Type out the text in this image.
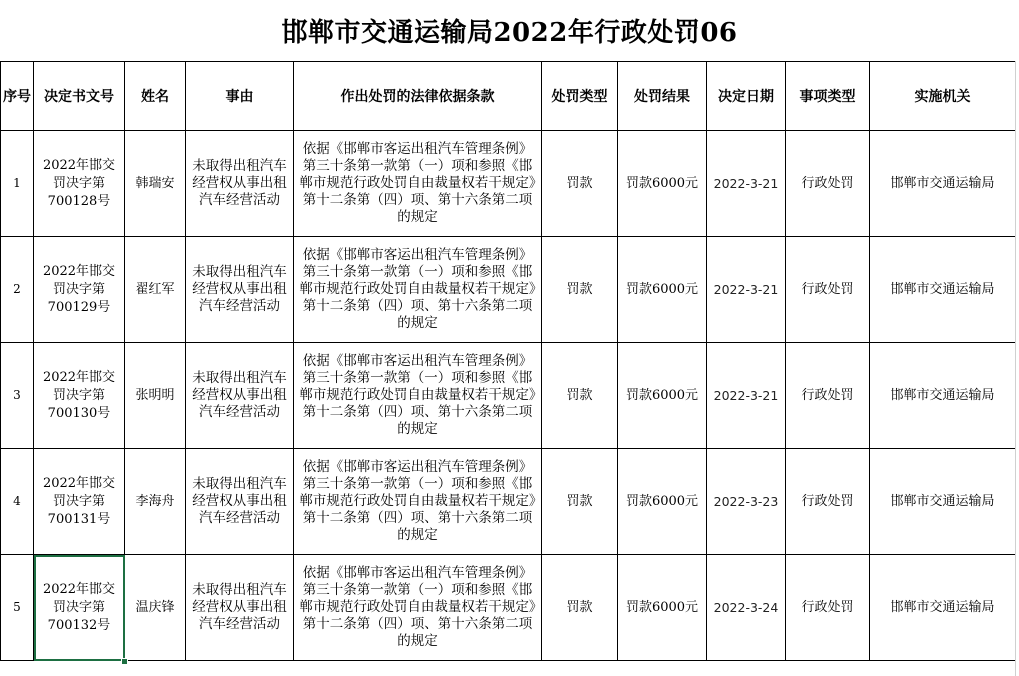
邯郸市交通运输局2022年行政处罚06
序号	决定书文号	姓名	事由	作出处罚的法律依据条款	处罚类型	处罚结果	决定日期	事项类型	实施机关
1	2022年邯交罚决字第700128号	韩瑞安	未取得出租汽车经营权从事出租汽车经营活动	依据《邯郸市客运出租汽车管理条例》第三十条第一款第（一）项和参照《邯郸市规范行政处罚自由裁量权若干规定》第十二条第（四）项、第十六条第二项的规定	罚款	罚款6000元	2022-3-21	行政处罚	邯郸市交通运输局
2	2022年邯交罚决字第700129号	翟红军	未取得出租汽车经营权从事出租汽车经营活动	依据《邯郸市客运出租汽车管理条例》第三十条第一款第（一）项和参照《邯郸市规范行政处罚自由裁量权若干规定》第十二条第（四）项、第十六条第二项的规定	罚款	罚款6000元	2022-3-21	行政处罚	邯郸市交通运输局
3	2022年邯交罚决字第700130号	张明明	未取得出租汽车经营权从事出租汽车经营活动	依据《邯郸市客运出租汽车管理条例》第三十条第一款第（一）项和参照《邯郸市规范行政处罚自由裁量权若干规定》第十二条第（四）项、第十六条第二项的规定	罚款	罚款6000元	2022-3-21	行政处罚	邯郸市交通运输局
4	2022年邯交罚决字第700131号	李海舟	未取得出租汽车经营权从事出租汽车经营活动	依据《邯郸市客运出租汽车管理条例》第三十条第一款第（一）项和参照《邯郸市规范行政处罚自由裁量权若干规定》第十二条第（四）项、第十六条第二项的规定	罚款	罚款6000元	2022-3-23	行政处罚	邯郸市交通运输局
5	2022年邯交罚决字第700132号	温庆锋	未取得出租汽车经营权从事出租汽车经营活动	依据《邯郸市客运出租汽车管理条例》第三十条第一款第（一）项和参照《邯郸市规范行政处罚自由裁量权若干规定》第十二条第（四）项、第十六条第二项的规定	罚款	罚款6000元	2022-3-24	行政处罚	邯郸市交通运输局
